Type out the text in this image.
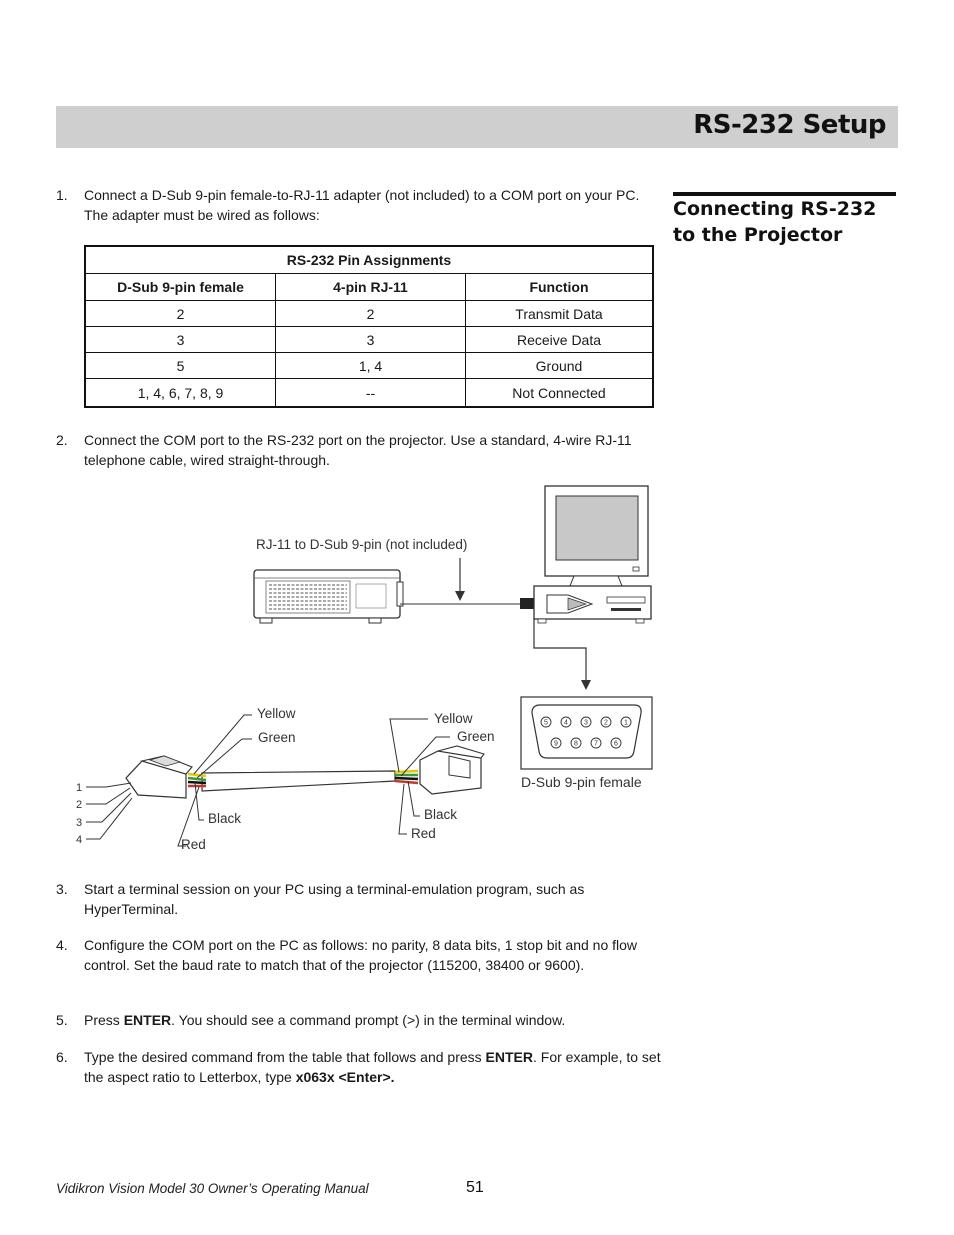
RS-232 Setup
Connecting RS-232 to the Projector
1. Connect a D-Sub 9-pin female-to-RJ-11 adapter (not included) to a COM port on your PC. The adapter must be wired as follows:
RS-232 Pin Assignments		
D-Sub 9-pin female	4-pin RJ-11	Function
2	2	Transmit Data
3	3	Receive Data
5	1, 4	Ground
1, 4, 6, 7, 8, 9	--	Not Connected
2. Connect the COM port to the RS-232 port on the projector. Use a standard, 4-wire RJ-11 telephone cable, wired straight-through.
RJ-11 to D-Sub 9-pin (not included)
5 4 3 2 1
9 8 7 6
D-Sub 9-pin female
Yellow
Green
Black
Red
Yellow
Green
Black
Red
1
2
3
4
3. Start a terminal session on your PC using a terminal-emulation program, such as HyperTerminal.
4. Configure the COM port on the PC as follows: no parity, 8 data bits, 1 stop bit and no flow control. Set the baud rate to match that of the projector (115200, 38400 or 9600).
5. Press ENTER. You should see a command prompt (>) in the terminal window.
6. Type the desired command from the table that follows and press ENTER. For example, to set the aspect ratio to Letterbox, type x063x <Enter>.
Vidikron Vision Model 30 Owner’s Operating Manual	51
